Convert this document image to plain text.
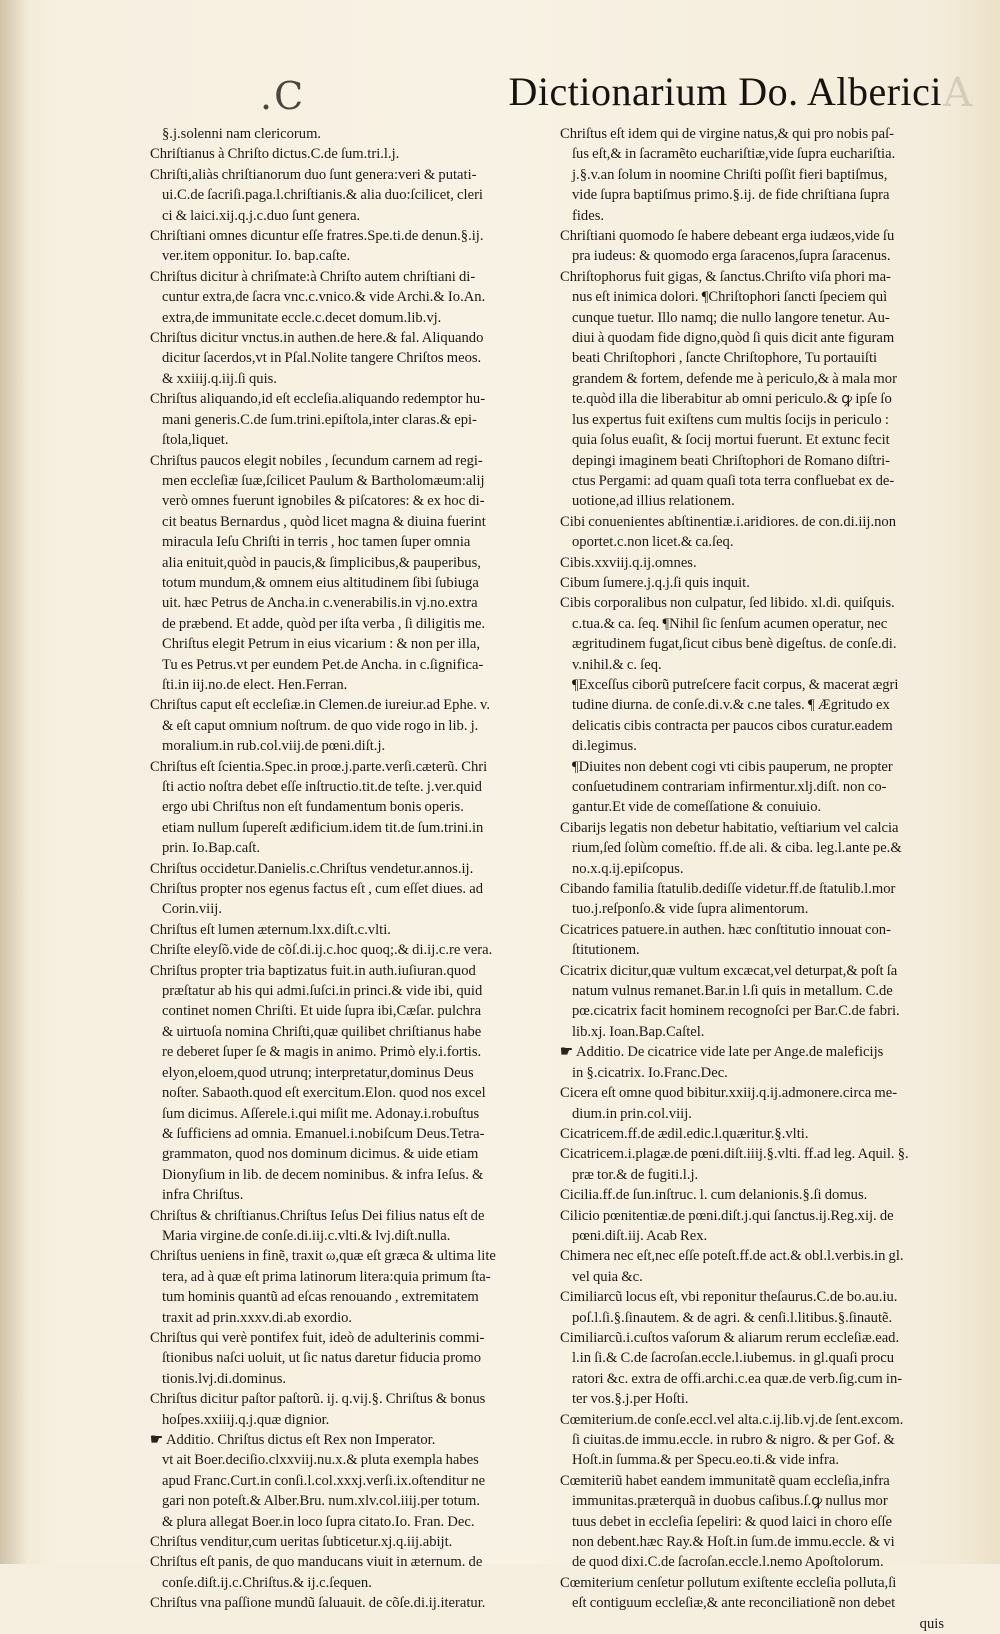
A
.C	Dictionarium Do. Alberici

§.j.solenni nam clericorum.

Chriſtianus à Chriſto dictus.C.de ſum.tri.l.j.

Chriſti,aliàs chriſtianorum duo ſunt genera:veri & putati-
ui.C.de ſacriſi.paga.l.chriſtianis.& alia duo:ſcilicet, cleri
ci & laici.xij.q.j.c.duo ſunt genera.

Chriſtiani omnes dicuntur eſſe fratres.Spe.ti.de denun.§.ij.
ver.item opponitur. Io. bap.caſte.

Chriſtus dicitur à chriſmate:à Chriſto autem chriſtiani di-
cuntur extra,de ſacra vnc.c.vnico.& vide Archi.& Io.An.
extra,de immunitate eccle.c.decet domum.lib.vj.

Chriſtus dicitur vnctus.in authen.de here.& fal. Aliquando
dicitur ſacerdos,vt in Pſal.Nolite tangere Chriſtos meos.
& xxiiij.q.iij.ſi quis.

Chriſtus aliquando,id eſt eccleſia.aliquando redemptor hu-
mani generis.C.de ſum.trini.epiſtola,inter claras.& epi-
ſtola,liquet.

Chriſtus paucos elegit nobiles , ſecundum carnem ad regi-
men eccleſiæ ſuæ,ſcilicet Paulum & Bartholomæum:alij
verò omnes fuerunt ignobiles & piſcatores: & ex hoc di-
cit beatus Bernardus , quòd licet magna & diuina fuerint
miracula Ieſu Chriſti in terris , hoc tamen ſuper omnia
alia enituit,quòd in paucis,& ſimplicibus,& pauperibus,
totum mundum,& omnem eius altitudinem ſibi ſubiuga
uit. hæc Petrus de Ancha.in c.venerabilis.in vj.no.extra
de præbend. Et adde, quòd per iſta verba , ſi diligitis me.
Chriſtus elegit Petrum in eius vicarium : & non per illa,
Tu es Petrus.vt per eundem Pet.de Ancha. in c.ſignifica-
ſti.in iij.no.de elect. Hen.Ferran.

Chriſtus caput eſt eccleſiæ.in Clemen.de iureiur.ad Ephe. v.
& eſt caput omnium noſtrum. de quo vide rogo in lib. j.
moralium.in rub.col.viij.de pœni.diſt.j.

Chriſtus eſt ſcientia.Spec.in proœ.j.parte.verſi.cæterũ. Chri
ſti actio noſtra debet eſſe inſtructio.tit.de teſte. j.ver.quid
ergo ubi Chriſtus non eſt fundamentum bonis operis.
etiam nullum ſupereſt ædificium.idem tit.de ſum.trini.in
prin. Io.Bap.caſt.

Chriſtus occidetur.Danielis.c.Chriſtus vendetur.annos.ij.

Chriſtus propter nos egenus factus eſt , cum eſſet diues. ad
Corin.viij.

Chriſtus eſt lumen æternum.lxx.diſt.c.vlti.

Chriſte eleyſõ.vide de cõſ.di.ij.c.hoc quoq;.& di.ij.c.re vera.

Chriſtus propter tria baptizatus fuit.in auth.iuſiuran.quod
præſtatur ab his qui admi.ſuſci.in princi.& vide ibi, quid
continet nomen Chriſti. Et uide ſupra ibi,Cæſar. pulchra
& uirtuoſa nomina Chriſti,quæ quilibet chriſtianus habe
re deberet ſuper ſe & magis in animo. Primò ely.i.fortis.
elyon,eloem,quod utrunq; interpretatur,dominus Deus
noſter. Sabaoth.quod eſt exercitum.Elon. quod nos excel
ſum dicimus. Aſſerele.i.qui miſit me. Adonay.i.robuſtus
& ſufficiens ad omnia. Emanuel.i.nobiſcum Deus.Tetra-
grammaton, quod nos dominum dicimus. & uide etiam
Dionyſium in lib. de decem nominibus. & infra Ieſus. &
infra Chriſtus.

Chriſtus & chriſtianus.Chriſtus Ieſus Dei filius natus eſt de
Maria virgine.de conſe.di.iij.c.vlti.& lvj.diſt.nulla.

Chriſtus ueniens in finẽ, traxit ω,quæ eſt græca & ultima lite
tera, ad à quæ eſt prima latinorum litera:quia primum ſta-
tum hominis quantũ ad eſcas renouando , extremitatem
traxit ad prin.xxxv.di.ab exordio.

Chriſtus qui verè pontifex fuit, ideò de adulterinis commi-
ſtionibus naſci uoluit, ut ſic natus daretur fiducia promo
tionis.lvj.di.dominus.

Chriſtus dicitur paſtor paſtorũ. ij. q.vij.§. Chriſtus & bonus
hoſpes.xxiiij.q.j.quæ dignior.

☛ Additio. Chriſtus dictus eſt Rex non Imperator.
vt ait Boer.deciſio.clxxviij.nu.x.& pluta exempla habes
apud Franc.Curt.in conſi.l.col.xxxj.verſi.ix.oſtenditur ne
gari non poteſt.& Alber.Bru. num.xlv.col.iiij.per totum.
& plura allegat Boer.in loco ſupra citato.Io. Fran. Dec.

Chriſtus venditur,cum ueritas ſubticetur.xj.q.iij.abijt.

Chriſtus eſt panis, de quo manducans viuit in æternum. de
conſe.diſt.ij.c.Chriſtus.& ij.c.ſequen.

Chriſtus vna paſſione mundũ ſaluauit. de cõſe.di.ij.iteratur.

Chriſtus eſt idem qui de virgine natus,& qui pro nobis paſ-
ſus eſt,& in ſacramẽto euchariſtiæ,vide ſupra euchariſtia.
j.§.v.an ſolum in noomine Chriſti poſſit fieri baptiſmus,
vide ſupra baptiſmus primo.§.ij. de fide chriſtiana ſupra
fides.

Chriſtiani quomodo ſe habere debeant erga iudæos,vide ſu
pra iudeus: & quomodo erga ſaracenos,ſupra ſaracenus.

Chriſtophorus fuit gigas, & ſanctus.Chriſto viſa phori ma-
nus eſt inimica dolori. ¶Chriſtophori ſancti ſpeciem quì
cunque tuetur. Illo namq; die nullo langore tenetur. Au-
diui à quodam fide digno,quòd ſi quis dicit ante figuram
beati Chriſtophori , ſancte Chriſtophore, Tu portauiſti
grandem & fortem, defende me à periculo,& à mala mor
te.quòd illa die liberabitur ab omni periculo.& ꝙ ipſe ſo
lus expertus fuit exiſtens cum multis ſocijs in periculo :
quia ſolus euaſit, & ſocij mortui fuerunt. Et extunc fecit
depingi imaginem beati Chriſtophori de Romano diſtri-
ctus Pergami: ad quam quaſi tota terra confluebat ex de-
uotione,ad illius relationem.

Cibi conuenientes abſtinentiæ.i.aridiores. de con.di.iij.non
oportet.c.non licet.& ca.ſeq.

Cibis.xxviij.q.ij.omnes.

Cibum ſumere.j.q.j.ſi quis inquit.

Cibis corporalibus non culpatur, ſed libido. xl.di. quiſquis.
c.tua.& ca. ſeq. ¶Nihil ſic ſenſum acumen operatur, nec
ægritudinem fugat,ſicut cibus benè digeſtus. de conſe.di.
v.nihil.& c. ſeq.

¶Exceſſus ciborũ putreſcere facit corpus, & macerat ægri
tudine diurna. de conſe.di.v.& c.ne tales. ¶ Ægritudo ex
delicatis cibis contracta per paucos cibos curatur.eadem
di.legimus.

¶Diuites non debent cogi vti cibis pauperum, ne propter
conſuetudinem contrariam infirmentur.xlj.diſt. non co-
gantur.Et vide de comeſſatione & conuiuio.

Cibarijs legatis non debetur habitatio, veſtiarium vel calcia
rium,ſed ſolùm comeſtio. ff.de ali. & ciba. leg.l.ante pe.&
no.x.q.ij.epiſcopus.

Cibando familia ſtatulib.dediſſe videtur.ff.de ſtatulib.l.mor
tuo.j.reſponſo.& vide ſupra alimentorum.

Cicatrices patuere.in authen. hæc conſtitutio innouat con-
ſtitutionem.

Cicatrix dicitur,quæ vultum excæcat,vel deturpat,& poſt ſa
natum vulnus remanet.Bar.in l.ſi quis in metallum. C.de
pœ.cicatrix facit hominem recognoſci per Bar.C.de fabri.
lib.xj. Ioan.Bap.Caſtel.

☛ Additio. De cicatrice vide late per Ange.de maleficijs
in §.cicatrix. Io.Franc.Dec.

Cicera eſt omne quod bibitur.xxiij.q.ij.admonere.circa me-
dium.in prin.col.viij.

Cicatricem.ff.de ædil.edic.l.quæritur.§.vlti.

Cicatricem.i.plagæ.de pœni.diſt.iiij.§.vlti. ff.ad leg. Aquil. §.
præ tor.& de fugiti.l.j.

Cicilia.ff.de ſun.inſtruc. l. cum delanionis.§.ſi domus.

Cilicio pœnitentiæ.de pœni.diſt.j.qui ſanctus.ij.Reg.xij. de
pœni.diſt.iij. Acab Rex.

Chimera nec eſt,nec eſſe poteſt.ff.de act.& obl.l.verbis.in gl.
vel quia &c.

Cimiliarcũ locus eſt, vbi reponitur theſaurus.C.de bo.au.iu.
poſ.l.ſi.§.ſinautem. & de agri. & cenſi.l.litibus.§.ſinautẽ.

Cimiliarcũ.i.cuſtos vaſorum & aliarum rerum eccleſiæ.ead.
l.in ſi.& C.de ſacroſan.eccle.l.iubemus. in gl.quaſi procu
ratori &c. extra de offi.archi.c.ea quæ.de verb.ſig.cum in-
ter vos.§.j.per Hoſti.

Cœmiterium.de conſe.eccl.vel alta.c.ij.lib.vj.de ſent.excom.
ſi ciuitas.de immu.eccle. in rubro & nigro. & per Gof. &
Hoſt.in ſumma.& per Specu.eo.ti.& vide infra.

Cœmiteriũ habet eandem immunitatẽ quam eccleſia,infra
immunitas.præterquã in duobus caſibus.ſ.ꝙ nullus mor
tuus debet in eccleſia ſepeliri: & quod laici in choro eſſe
non debent.hæc Ray.& Hoſt.in ſum.de immu.eccle. & vi
de quod dixi.C.de ſacroſan.eccle.l.nemo Apoſtolorum.

Cœmiterium cenſetur pollutum exiſtente eccleſia polluta,ſi
eſt contiguum eccleſiæ,& ante reconciliationẽ non debet

quis
